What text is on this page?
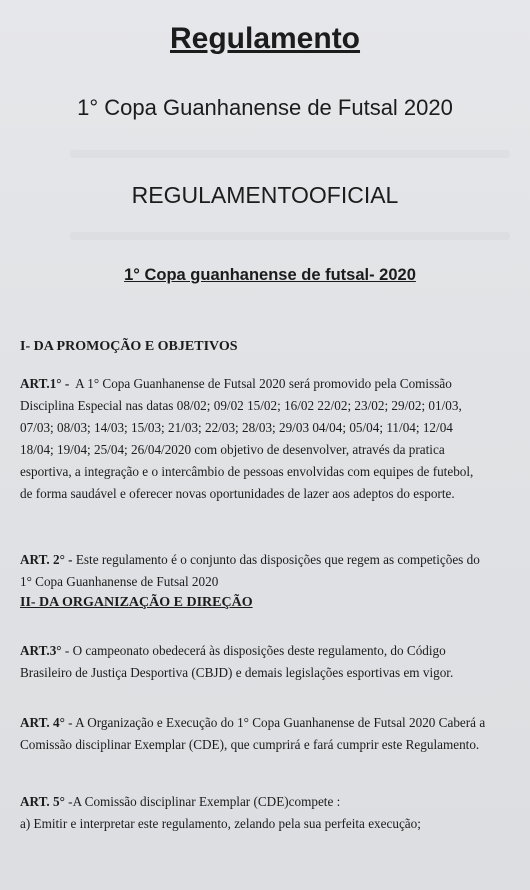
Regulamento
1° Copa Guanhanense de Futsal 2020
REGULAMENTOOFICIAL
1° Copa guanhanense de futsal- 2020
I- DA PROMOÇÃO E OBJETIVOS
ART.1° - A 1° Copa Guanhanense de Futsal 2020 será promovido pela Comissão
Disciplina Especial nas datas 08/02; 09/02 15/02; 16/02 22/02; 23/02; 29/02; 01/03,
07/03; 08/03; 14/03; 15/03; 21/03; 22/03; 28/03; 29/03 04/04; 05/04; 11/04; 12/04
18/04; 19/04; 25/04; 26/04/2020 com objetivo de desenvolver, através da pratica
esportiva, a integração e o intercâmbio de pessoas envolvidas com equipes de futebol,
de forma saudável e oferecer novas oportunidades de lazer aos adeptos do esporte.
ART. 2° - Este regulamento é o conjunto das disposições que regem as competições do
1° Copa Guanhanense de Futsal 2020
II- DA ORGANIZAÇÃO E DIREÇÃO
ART.3° - O campeonato obedecerá às disposições deste regulamento, do Código
Brasileiro de Justiça Desportiva (CBJD) e demais legislações esportivas em vigor.
ART. 4° - A Organização e Execução do 1° Copa Guanhanense de Futsal 2020 Caberá a
Comissão disciplinar Exemplar (CDE), que cumprirá e fará cumprir este Regulamento.
ART. 5° -A Comissão disciplinar Exemplar (CDE)compete :
a) Emitir e interpretar este regulamento, zelando pela sua perfeita execução;
